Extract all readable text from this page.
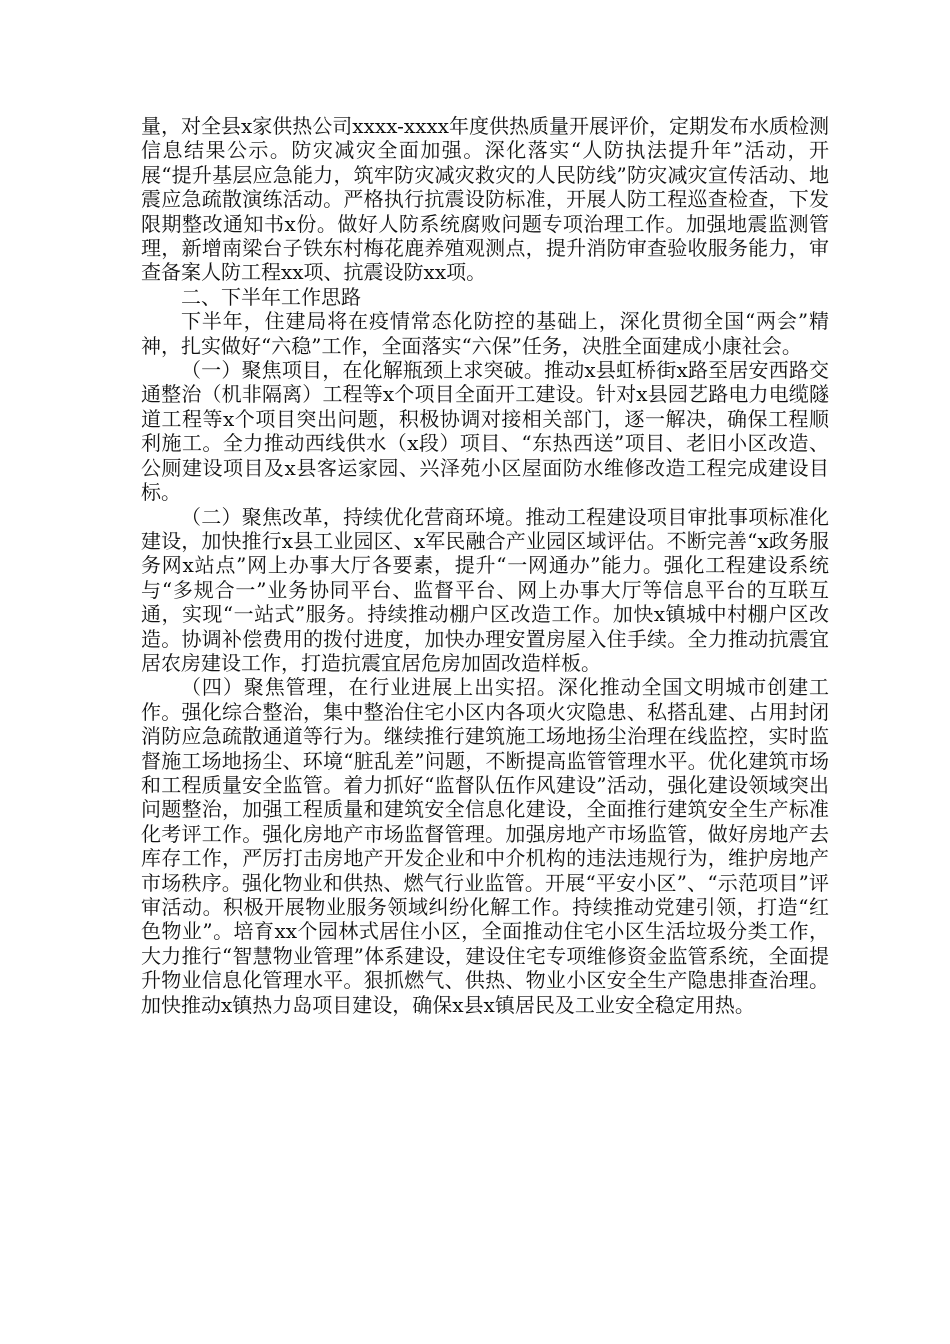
量，对全县x家供热公司xxxx-xxxx年度供热质量开展评价，定期发布水质检测信息结果公示。防灾减灾全面加强。深化落实“人防执法提升年”活动，开展“提升基层应急能力，筑牢防灾减灾救灾的人民防线”防灾减灾宣传活动、地震应急疏散演练活动。严格执行抗震设防标准，开展人防工程巡查检查，下发限期整改通知书x份。做好人防系统腐败问题专项治理工作。加强地震监测管理，新增南梁台子铁东村梅花鹿养殖观测点，提升消防审查验收服务能力，审查备案人防工程xx项、抗震设防xx项。

二、下半年工作思路

下半年，住建局将在疫情常态化防控的基础上，深化贯彻全国“两会”精神，扎实做好“六稳”工作，全面落实“六保”任务，决胜全面建成小康社会。

（一）聚焦项目，在化解瓶颈上求突破。推动x县虹桥街x路至居安西路交通整治（机非隔离）工程等x个项目全面开工建设。针对x县园艺路电力电缆隧道工程等x个项目突出问题，积极协调对接相关部门，逐一解决，确保工程顺利施工。全力推动西线供水（x段）项目、“东热西送”项目、老旧小区改造、公厕建设项目及x县客运家园、兴泽苑小区屋面防水维修改造工程完成建设目标。

（二）聚焦改革，持续优化营商环境。推动工程建设项目审批事项标准化建设，加快推行x县工业园区、x军民融合产业园区域评估。不断完善“x政务服务网x站点”网上办事大厅各要素，提升“一网通办”能力。强化工程建设系统与“多规合一”业务协同平台、监督平台、网上办事大厅等信息平台的互联互通，实现“一站式”服务。持续推动棚户区改造工作。加快x镇城中村棚户区改造。协调补偿费用的拨付进度，加快办理安置房屋入住手续。全力推动抗震宜居农房建设工作，打造抗震宜居危房加固改造样板。

（四）聚焦管理，在行业进展上出实招。深化推动全国文明城市创建工作。强化综合整治，集中整治住宅小区内各项火灾隐患、私搭乱建、占用封闭消防应急疏散通道等行为。继续推行建筑施工场地扬尘治理在线监控，实时监督施工场地扬尘、环境“脏乱差”问题，不断提高监管管理水平。优化建筑市场和工程质量安全监管。着力抓好“监督队伍作风建设”活动，强化建设领域突出问题整治，加强工程质量和建筑安全信息化建设，全面推行建筑安全生产标准化考评工作。强化房地产市场监督管理。加强房地产市场监管，做好房地产去库存工作，严厉打击房地产开发企业和中介机构的违法违规行为，维护房地产市场秩序。强化物业和供热、燃气行业监管。开展“平安小区”、“示范项目”评审活动。积极开展物业服务领域纠纷化解工作。持续推动党建引领，打造“红色物业”。培育xx个园林式居住小区，全面推动住宅小区生活垃圾分类工作，大力推行“智慧物业管理”体系建设，建设住宅专项维修资金监管系统，全面提升物业信息化管理水平。狠抓燃气、供热、物业小区安全生产隐患排查治理。加快推动x镇热力岛项目建设，确保x县x镇居民及工业安全稳定用热。
